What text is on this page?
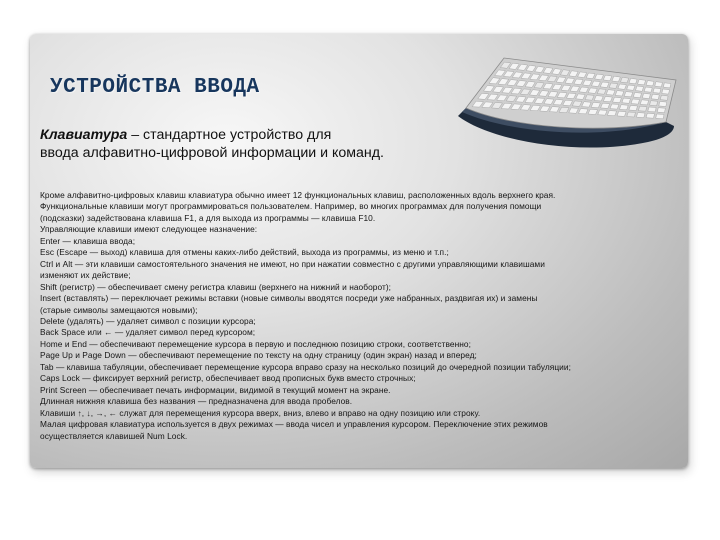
УСТРОЙСТВА ВВОДА
Клавиатура – стандартное устройство для
ввода алфавитно-цифровой информации и команд.
Кроме алфавитно-цифровых клавиш клавиатура обычно имеет 12 функциональных клавиш, расположенных вдоль верхнего края.
Функциональные клавиши могут программироваться пользователем. Например, во многих программах для получения помощи
(подсказки) задействована клавиша F1, а для выхода из программы — клавиша F10.
Управляющие клавиши имеют следующее назначение:
Enter — клавиша ввода;
Esc (Escape — выход) клавиша для отмены каких-либо действий, выхода из программы, из меню и т.п.;
Ctrl и Alt — эти клавиши самостоятельного значения не имеют, но при нажатии совместно с другими управляющими клавишами
изменяют их действие;
Shift (регистр) — обеспечивает смену регистра клавиш (верхнего на нижний и наоборот);
Insert (вставлять) — переключает режимы вставки (новые символы вводятся посреди уже набранных, раздвигая их) и замены
(старые символы замещаются новыми);
Delete (удалять) — удаляет символ с позиции курсора;
Back Space или ← — удаляет символ перед курсором;
Home и End — обеспечивают перемещение курсора в первую и последнюю позицию строки, соответственно;
Page Up и Page Down — обеспечивают перемещение по тексту на одну страницу (один экран) назад и вперед;
Tab — клавиша табуляции, обеспечивает перемещение курсора вправо сразу на несколько позиций до очередной позиции табуляции;
Caps Lock — фиксирует верхний регистр, обеспечивает ввод прописных букв вместо строчных;
Print Screen — обеспечивает печать информации, видимой в текущий момент на экране.
Длинная нижняя клавиша без названия — предназначена для ввода пробелов.
Клавиши ↑, ↓, →, ← служат для перемещения курсора вверх, вниз, влево и вправо на одну позицию или строку.
Малая цифровая клавиатура используется в двух режимах — ввода чисел и управления курсором. Переключение этих режимов
осуществляется клавишей Num Lock.
